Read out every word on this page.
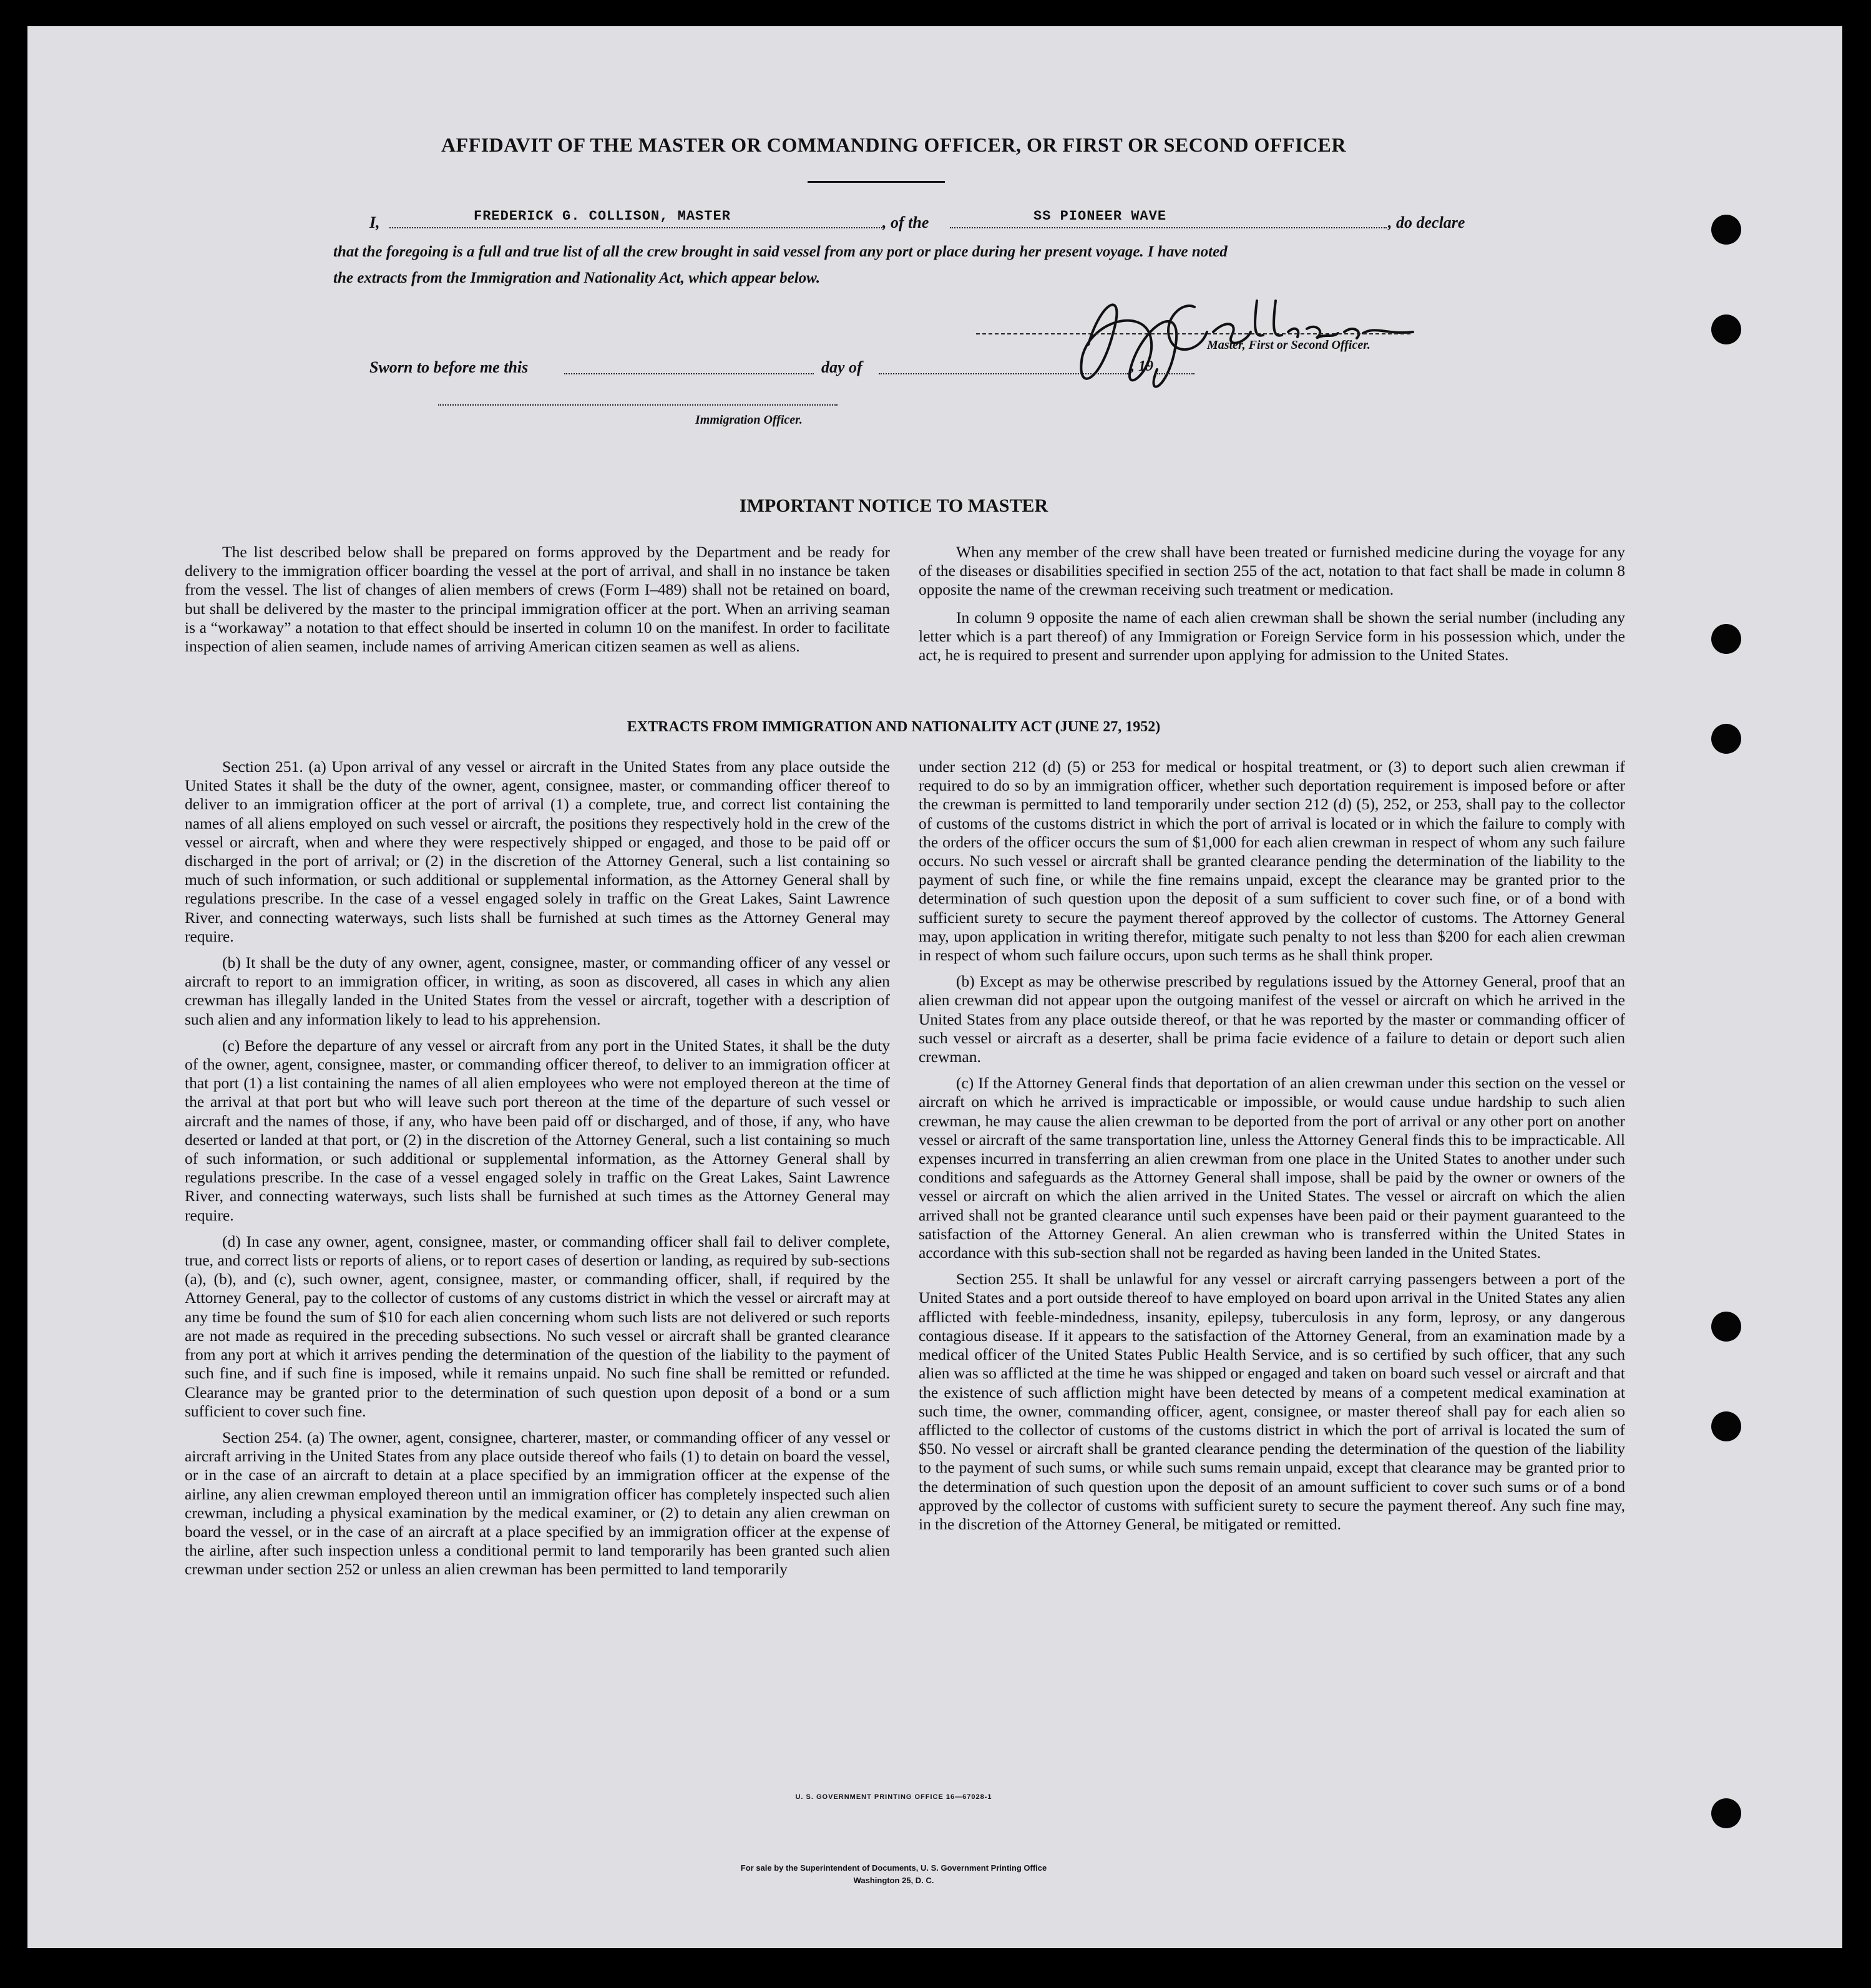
AFFIDAVIT OF THE MASTER OR COMMANDING OFFICER, OR FIRST OR SECOND OFFICER
I,	FREDERICK G. COLLISON, MASTER	, of the	SS PIONEER WAVE	, do declare
that the foregoing is a full and true list of all the crew brought in said vessel from any port or place during her present voyage. I have noted
the extracts from the Immigration and Nationality Act, which appear below.
F. G. Collison
Master, First or Second Officer.
Sworn to before me this	day of	, 19
Immigration Officer.
IMPORTANT NOTICE TO MASTER

The list described below shall be prepared on forms approved by the Department and be ready for delivery to the immigration officer boarding the vessel at the port of arrival, and shall in no instance be taken from the vessel. The list of changes of alien members of crews (Form I–489) shall not be retained on board, but shall be delivered by the master to the principal immigration officer at the port. When an arriving seaman is a “workaway” a notation to that effect should be inserted in column 10 on the manifest. In order to facilitate inspection of alien seamen, include names of arriving American citizen seamen as well as aliens.

When any member of the crew shall have been treated or furnished medicine during the voyage for any of the diseases or disabilities specified in section 255 of the act, notation to that fact shall be made in column 8 opposite the name of the crewman receiving such treatment or medication.

In column 9 opposite the name of each alien crewman shall be shown the serial number (including any letter which is a part thereof) of any Immigration or Foreign Service form in his possession which, under the act, he is required to present and surrender upon applying for admission to the United States.

EXTRACTS FROM IMMIGRATION AND NATIONALITY ACT (JUNE 27, 1952)

Section 251. (a) Upon arrival of any vessel or aircraft in the United States from any place outside the United States it shall be the duty of the owner, agent, consignee, master, or commanding officer thereof to deliver to an immigration officer at the port of arrival (1) a complete, true, and correct list containing the names of all aliens employed on such vessel or aircraft, the positions they respectively hold in the crew of the vessel or aircraft, when and where they were respectively shipped or engaged, and those to be paid off or discharged in the port of arrival; or (2) in the discretion of the Attorney General, such a list containing so much of such information, or such additional or supplemental information, as the Attorney General shall by regulations prescribe. In the case of a vessel engaged solely in traffic on the Great Lakes, Saint Lawrence River, and connecting waterways, such lists shall be furnished at such times as the Attorney General may require.

(b) It shall be the duty of any owner, agent, consignee, master, or commanding officer of any vessel or aircraft to report to an immigration officer, in writing, as soon as discovered, all cases in which any alien crewman has illegally landed in the United States from the vessel or aircraft, together with a description of such alien and any information likely to lead to his apprehension.

(c) Before the departure of any vessel or aircraft from any port in the United States, it shall be the duty of the owner, agent, consignee, master, or commanding officer thereof, to deliver to an immigration officer at that port (1) a list containing the names of all alien employees who were not employed thereon at the time of the arrival at that port but who will leave such port thereon at the time of the departure of such vessel or aircraft and the names of those, if any, who have been paid off or discharged, and of those, if any, who have deserted or landed at that port, or (2) in the discretion of the Attorney General, such a list containing so much of such information, or such additional or supplemental information, as the Attorney General shall by regulations prescribe. In the case of a vessel engaged solely in traffic on the Great Lakes, Saint Lawrence River, and connecting waterways, such lists shall be furnished at such times as the Attorney General may require.

(d) In case any owner, agent, consignee, master, or commanding officer shall fail to deliver complete, true, and correct lists or reports of aliens, or to report cases of desertion or landing, as required by sub-sections (a), (b), and (c), such owner, agent, consignee, master, or commanding officer, shall, if required by the Attorney General, pay to the collector of customs of any customs district in which the vessel or aircraft may at any time be found the sum of $10 for each alien concerning whom such lists are not delivered or such reports are not made as required in the preceding subsections. No such vessel or aircraft shall be granted clearance from any port at which it arrives pending the determination of the question of the liability to the payment of such fine, and if such fine is imposed, while it remains unpaid. No such fine shall be remitted or refunded. Clearance may be granted prior to the determination of such question upon deposit of a bond or a sum sufficient to cover such fine.

Section 254. (a) The owner, agent, consignee, charterer, master, or commanding officer of any vessel or aircraft arriving in the United States from any place outside thereof who fails (1) to detain on board the vessel, or in the case of an aircraft to detain at a place specified by an immigration officer at the expense of the airline, any alien crewman employed thereon until an immigration officer has completely inspected such alien crewman, including a physical examination by the medical examiner, or (2) to detain any alien crewman on board the vessel, or in the case of an aircraft at a place specified by an immigration officer at the expense of the airline, after such inspection unless a conditional permit to land temporarily has been granted such alien crewman under section 252 or unless an alien crewman has been permitted to land temporarily

under section 212 (d) (5) or 253 for medical or hospital treatment, or (3) to deport such alien crewman if required to do so by an immigration officer, whether such deportation requirement is imposed before or after the crewman is permitted to land temporarily under section 212 (d) (5), 252, or 253, shall pay to the collector of customs of the customs district in which the port of arrival is located or in which the failure to comply with the orders of the officer occurs the sum of $1,000 for each alien crewman in respect of whom any such failure occurs. No such vessel or aircraft shall be granted clearance pending the determination of the liability to the payment of such fine, or while the fine remains unpaid, except the clearance may be granted prior to the determination of such question upon the deposit of a sum sufficient to cover such fine, or of a bond with sufficient surety to secure the payment thereof approved by the collector of customs. The Attorney General may, upon application in writing therefor, mitigate such penalty to not less than $200 for each alien crewman in respect of whom such failure occurs, upon such terms as he shall think proper.

(b) Except as may be otherwise prescribed by regulations issued by the Attorney General, proof that an alien crewman did not appear upon the outgoing manifest of the vessel or aircraft on which he arrived in the United States from any place outside thereof, or that he was reported by the master or commanding officer of such vessel or aircraft as a deserter, shall be prima facie evidence of a failure to detain or deport such alien crewman.

(c) If the Attorney General finds that deportation of an alien crewman under this section on the vessel or aircraft on which he arrived is impracticable or impossible, or would cause undue hardship to such alien crewman, he may cause the alien crewman to be deported from the port of arrival or any other port on another vessel or aircraft of the same transportation line, unless the Attorney General finds this to be impracticable. All expenses incurred in transferring an alien crewman from one place in the United States to another under such conditions and safeguards as the Attorney General shall impose, shall be paid by the owner or owners of the vessel or aircraft on which the alien arrived in the United States. The vessel or aircraft on which the alien arrived shall not be granted clearance until such expenses have been paid or their payment guaranteed to the satisfaction of the Attorney General. An alien crewman who is transferred within the United States in accordance with this sub-section shall not be regarded as having been landed in the United States.

Section 255. It shall be unlawful for any vessel or aircraft carrying passengers between a port of the United States and a port outside thereof to have employed on board upon arrival in the United States any alien afflicted with feeble-mindedness, insanity, epilepsy, tuberculosis in any form, leprosy, or any dangerous contagious disease. If it appears to the satisfaction of the Attorney General, from an examination made by a medical officer of the United States Public Health Service, and is so certified by such officer, that any such alien was so afflicted at the time he was shipped or engaged and taken on board such vessel or aircraft and that the existence of such affliction might have been detected by means of a competent medical examination at such time, the owner, commanding officer, agent, consignee, or master thereof shall pay for each alien so afflicted to the collector of customs of the customs district in which the port of arrival is located the sum of $50. No vessel or aircraft shall be granted clearance pending the determination of the question of the liability to the payment of such sums, or while such sums remain unpaid, except that clearance may be granted prior to the determination of such question upon the deposit of an amount sufficient to cover such sums or of a bond approved by the collector of customs with sufficient surety to secure the payment thereof. Any such fine may, in the discretion of the Attorney General, be mitigated or remitted.

U. S. GOVERNMENT PRINTING OFFICE 16—67028-1
For sale by the Superintendent of Documents, U. S. Government Printing Office
Washington 25, D. C.
